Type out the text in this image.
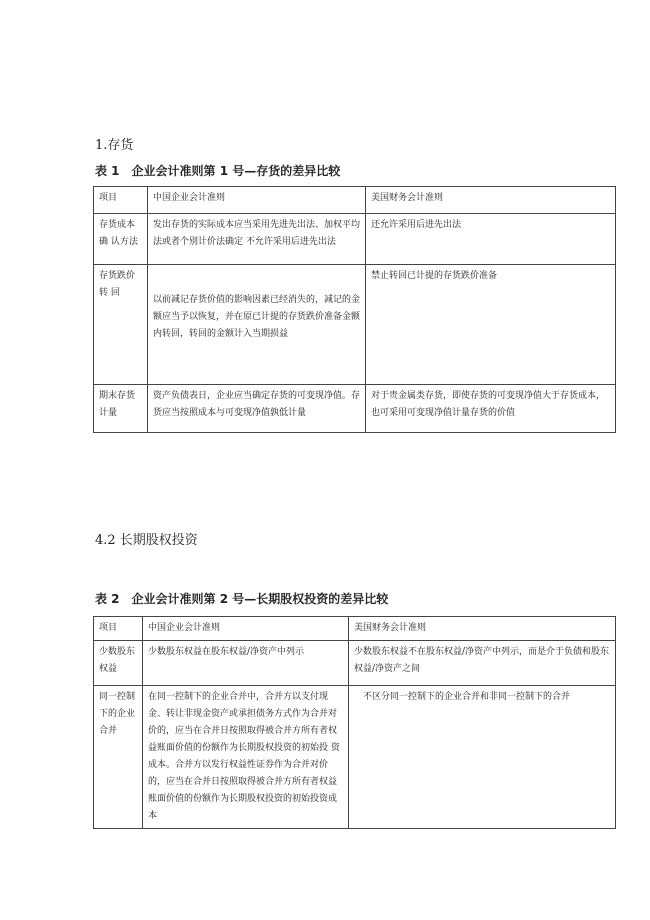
1.存货
表 1　企业会计准则第 1 号—存货的差异比较
项目	中国企业会计准则	美国财务会计准则
存货成本确 认方法	发出存货的实际成本应当采用先进先出法、加权平均法或者个别计价法确定 不允许采用后进先出法	还允许采用后进先出法
存货跌价转 回	以前减记存货价值的影响因素已经消失的，减记的金额应当予以恢复，并在原已计提的存货跌价准备金额内转回，转回的金额计入当期损益	禁止转回已计提的存货跌价准备
期末存货计量	资产负债表日，企业应当确定存货的可变现净值。存货应当按照成本与可变现净值孰低计量	对于贵金属类存货，即使存货的可变现净值大于存货成本，也可采用可变现净值计量存货的价值
4.2 长期股权投资
表 2　企业会计准则第 2 号—长期股权投资的差异比较
项目	中国企业会计准则	美国财务会计准则
少数股东权益	少数股东权益在股东权益/净资产中列示	少数股东权益不在股东权益/净资产中列示，而是介于负债和股东权益/净资产之间
同一控制下的企业合并	在同一控制下的企业合并中，合并方以支付现金、转让非现金资产或承担债务方式作为合并对价的，应当在合并日按照取得被合并方所有者权益账面价值的份额作为长期股权投资的初始投 资成本。合并方以发行权益性证券作为合并对价的，应当在合并日按照取得被合并方所有者权益账面价值的份额作为长期股权投资的初始投资成本	　不区分同一控制下的企业合并和非同一控制下的合并
